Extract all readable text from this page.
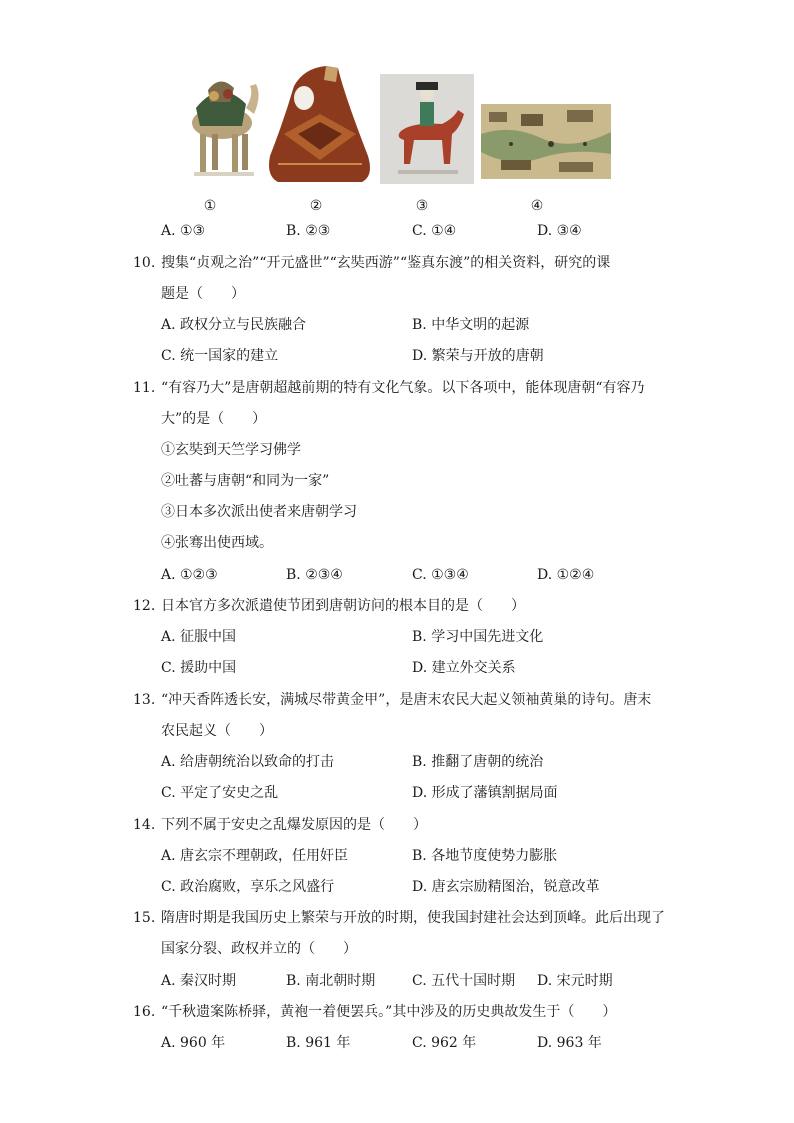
①	②	③	④
A. ①③	B. ②③	C. ①④	D. ③④
10. 搜集“贞观之治”“开元盛世”“玄奘西游”“鉴真东渡”的相关资料，研究的课
题是（　　）
A. 政权分立与民族融合	B. 中华文明的起源
C. 统一国家的建立	D. 繁荣与开放的唐朝
11. “有容乃大”是唐朝超越前期的特有文化气象。以下各项中，能体现唐朝“有容乃
大”的是（　　）
①玄奘到天竺学习佛学
②吐蕃与唐朝“和同为一家”
③日本多次派出使者来唐朝学习
④张骞出使西域。
A. ①②③	B. ②③④	C. ①③④	D. ①②④
12. 日本官方多次派遣使节团到唐朝访问的根本目的是（　　）
A. 征服中国	B. 学习中国先进文化
C. 援助中国	D. 建立外交关系
13. “冲天香阵透长安，满城尽带黄金甲”，是唐末农民大起义领袖黄巢的诗句。唐末
农民起义（　　）
A. 给唐朝统治以致命的打击	B. 推翻了唐朝的统治
C. 平定了安史之乱	D. 形成了藩镇割据局面
14. 下列不属于安史之乱爆发原因的是（　　）
A. 唐玄宗不理朝政，任用奸臣	B. 各地节度使势力膨胀
C. 政治腐败，享乐之风盛行	D. 唐玄宗励精图治，锐意改革
15. 隋唐时期是我国历史上繁荣与开放的时期，使我国封建社会达到顶峰。此后出现了
国家分裂、政权并立的（　　）
A. 秦汉时期	B. 南北朝时期	C. 五代十国时期 D. 宋元时期
16. “千秋遗案陈桥驿，黄袍一着便罢兵。”其中涉及的历史典故发生于（　　）
A. 960 年	B. 961 年	C. 962 年	D. 963 年
